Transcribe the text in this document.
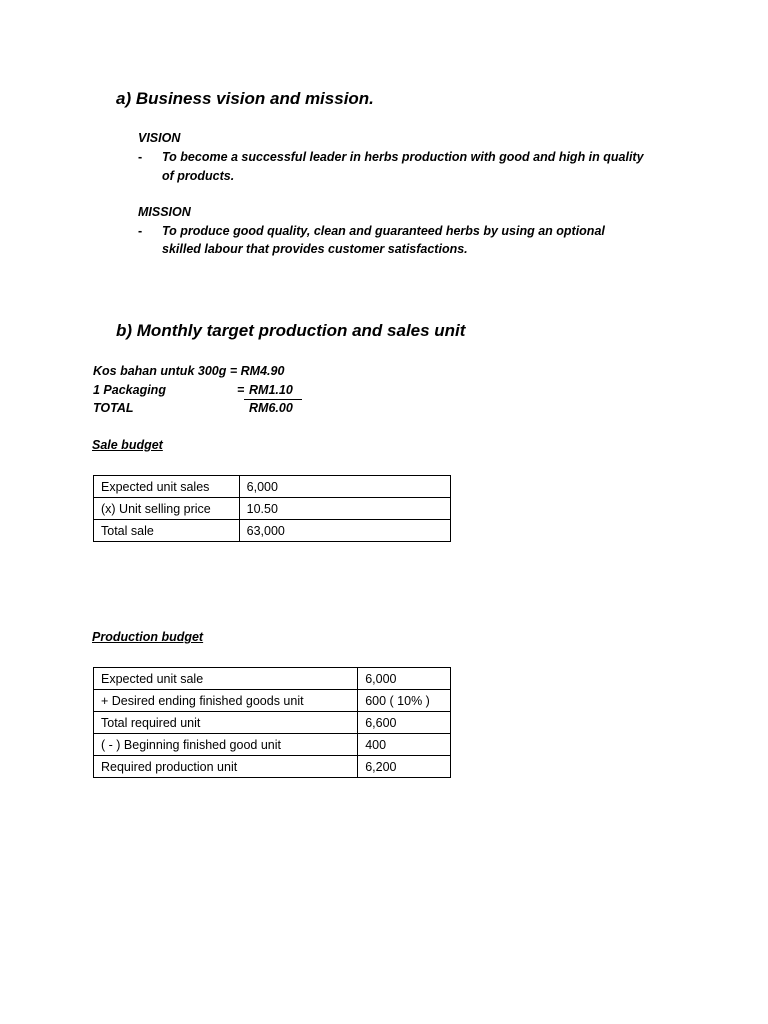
a) Business vision and mission.
VISION
- To become a successful leader in herbs production with good and high in quality
of products.
MISSION
- To produce good quality, clean and guaranteed herbs by using an optional
skilled labour that provides customer satisfactions.
b) Monthly target production and sales unit
Kos bahan untuk 300g = RM4.90
1 Packaging	= RM1.10
TOTAL	RM6.00
Sale budget
Expected unit sales	6,000
(x) Unit selling price	10.50
Total sale	63,000
Production budget
Expected unit sale	6,000
+ Desired ending finished goods unit	600 ( 10% )
Total required unit	6,600
( - ) Beginning finished good unit	400
Required production unit	6,200
